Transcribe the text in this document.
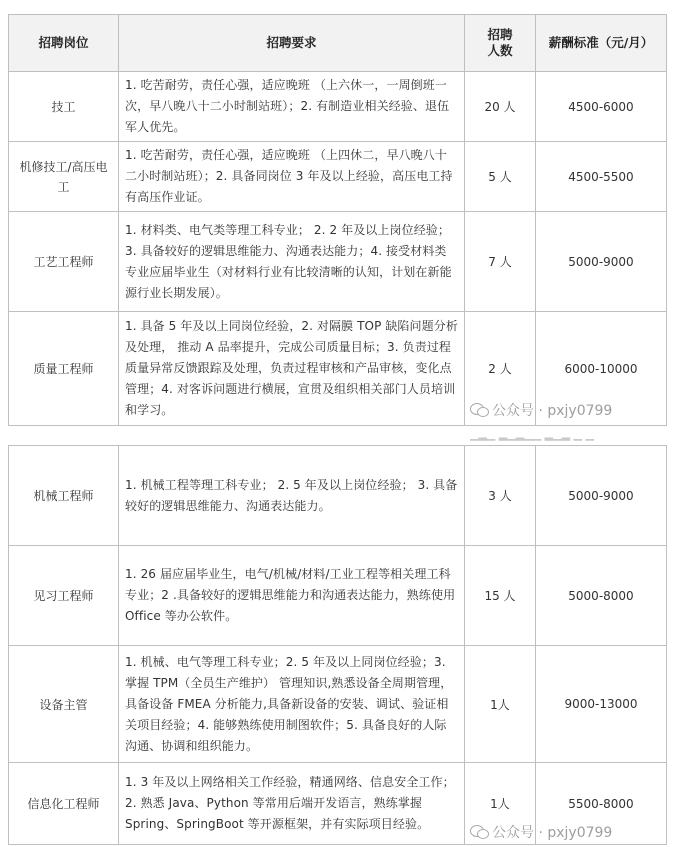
招聘岗位	招聘要求	招聘人数	薪酬标准（元/月）
技工	1. 吃苦耐劳，责任心强，适应晚班 （上六休一，一周倒班一次，早八晚八十二小时制站班）；2. 有制造业相关经验、退伍军人优先。	20 人	4500-6000
机修技工/高压电工	1. 吃苦耐劳，责任心强，适应晚班 （上四休二，早八晚八十二小时制站班）；2. 具备同岗位 3 年及以上经验，高压电工持有高压作业证。	5 人	4500-5500
工艺工程师	1. 材料类、电气类等理工科专业； 2. 2 年及以上岗位经验；3. 具备较好的逻辑思维能力、沟通表达能力；4. 接受材料类专业应届毕业生（对材料行业有比较清晰的认知，计划在新能源行业长期发展）。	7 人	5000-9000
质量工程师	1. 具备 5 年及以上同岗位经验，2. 对隔膜 TOP 缺陷问题分析及处理， 推动 A 品率提升，完成公司质量目标；3. 负责过程质量异常反馈跟踪及处理，负责过程审核和产品审核，变化点管理；4. 对客诉问题进行横展，宣贯及组织相关部门人员培训和学习。	2 人	6000-10000
公众号 · pxjy0799
▁▂▁ ▂▁▂▁▁ ▂▁▂ ▁ ▁
机械工程师	1. 机械工程等理工科专业； 2. 5 年及以上岗位经验； 3. 具备较好的逻辑思维能力、沟通表达能力。	3 人	5000-9000
见习工程师	1. 26 届应届毕业生，电气/机械/材料/工业工程等相关理工科专业；2 .具备较好的逻辑思维能力和沟通表达能力，熟练使用 Office 等办公软件。	15 人	5000-8000
设备主管	1. 机械、电气等理工科专业；2. 5 年及以上同岗位经验；3. 掌握 TPM（全员生产维护） 管理知识,熟悉设备全周期管理，具备设备 FMEA 分析能力,具备新设备的安装、调试、验证相关项目经验；4. 能够熟练使用制图软件；5. 具备良好的人际沟通、协调和组织能力。	1人	9000-13000
信息化工程师	1. 3 年及以上网络相关工作经验，精通网络、信息安全工作；2. 熟悉 Java、Python 等常用后端开发语言，熟练掌握 Spring、SpringBoot 等开源框架，并有实际项目经验。	1人	5500-8000
公众号 · pxjy0799
